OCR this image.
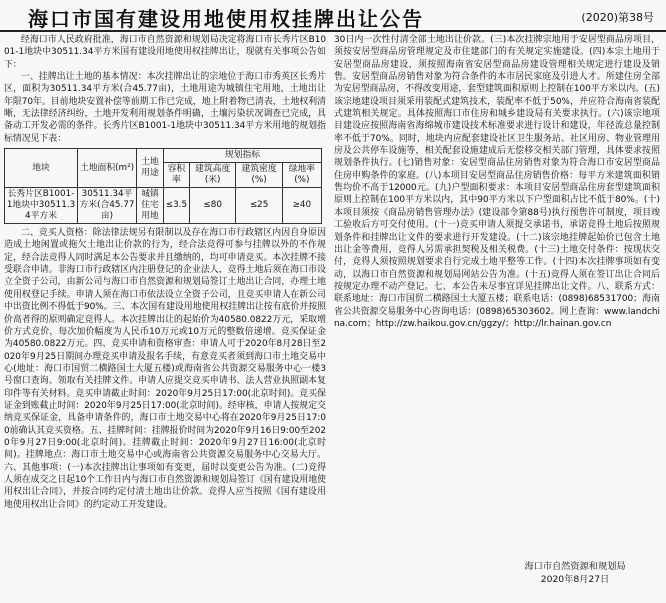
海口市国有建设用地使用权挂牌出让公告	(2020)第38号

经海口市人民政府批准，海口市自然资源和规划局决定将海口市长秀片区B1001-1地块中30511.34平方米国有建设用地使用权挂牌出让，现就有关事项公告如下：

一、挂牌出让土地的基本情况：本次挂牌出让的宗地位于海口市秀英区长秀片区，面积为30511.34平方米(合45.77亩)，土地用途为城镇住宅用地，土地出让年限70年。目前地块安置补偿等前期工作已完成，地上附着物已清表，土地权利清晰，无法律经济纠纷，土地开发利用规划条件明确，土壤污染状况调查已完成，具备动工开发必需的条件。长秀片区B1001-1地块中30511.34平方米用地的规划指标情况见下表：

地块	土地面积(m²)	土地用途	规划指标			
			容积率	建筑高度(米)	建筑密度(%)	绿地率(%)
长秀片区B1001-1地块中30511.34平方米	30511.34平方米(合45.77亩)	城镇住宅用地	≤3.5	≤80	≤25	≥40

二、竞买人资格：除法律法规另有限制以及存在海口市行政辖区内因自身原因造成土地闲置或拖欠土地出让价款的行为，经合法竞得可参与挂牌以外的不作规定，经合法竞得人同时满足本公告要求并且缴纳的，均可申请竞买。本次挂牌不接受联合申请。非海口市行政辖区内注册登记的企业法人，竞得土地后须在海口市设立全资子公司，由新公司与海口市自然资源和规划局签订土地出让合同，办理土地使用权登记手续。申请人须在海口市依法设立全资子公司，且竞买申请人在新公司中出资比例不得低于90%。三、本次国有建设用地使用权挂牌出让按有底价并按照价高者得的原则确定竞得人。本次挂牌出让的起始价为40580.0822万元，采取增价方式竞价，每次加价幅度为人民币10万元或10万元的整数倍递增。竞买保证金为40580.0822万元。四、竞买申请和资格审查：申请人可于2020年8月28日至2020年9月25日期间办理竞买申请及报名手续，有意竞买者须到海口市土地交易中心(地址：海口市国贸二横路国土大厦五楼)或海南省公共资源交易服务中心一楼3号窗口查询、领取有关挂牌文件。申请人应提交竞买申请书、法人营业执照副本复印件等有关材料。竞买申请截止时间：2020年9月25日17:00(北京时间)。竞买保证金到账截止时间：2020年9月25日17:00(北京时间)。经审核，申请人按规定交纳竞买保证金，具备申请条件的，海口市土地交易中心将在2020年9月25日17:00前确认其竞买资格。五、挂牌时间：挂牌报价时间为2020年9月16日9:00至2020年9月27日9:00(北京时间)。挂牌截止时间：2020年9月27日16:00(北京时间)。挂牌地点：海口市土地交易中心或海南省公共资源交易服务中心交易大厅。六、其他事项：(一)本次挂牌出让事项如有变更，届时以变更公告为准。(二)竞得人须在成交之日起10个工作日内与海口市自然资源和规划局签订《国有建设用地使用权出让合同》，并按合同约定付清土地出让价款。竞得人应当按照《国有建设用地使用权出让合同》的约定动工开发建设。

30日内一次性付清全部土地出让价款。(三)本次挂牌宗地用于安居型商品房项目，须按安居型商品房管理规定及市住建部门的有关规定实施建设。(四)本宗土地用于安居型商品房建设，须按照海南省安居型商品房建设管理相关规定进行建设及销售。安居型商品房销售对象为符合条件的本市居民家庭及引进人才。所建住房全部为安居型商品房，不得改变用途，套型建筑面积原则上控制在100平方米以内。(五)该宗地建设项目须采用装配式建筑技术，装配率不低于50%，并应符合海南省装配式建筑相关规定。具体按照海口市住房和城乡建设局有关要求执行。(六)该宗地项目建设应按照海南省海绵城市建设技术标准要求进行设计和建设，年径流总量控制率不低于70%。同时，地块内应配套建设社区卫生服务站、社区用房、物业管理用房及公共停车设施等，相关配套设施建成后无偿移交相关部门管理，具体要求按照规划条件执行。(七)销售对象：安居型商品住房销售对象为符合海口市安居型商品住房申购条件的家庭。(八)本项目安居型商品住房销售价格：每平方米建筑面积销售均价不高于12000元。(九)户型面积要求：本项目安居型商品住房套型建筑面积原则上控制在100平方米以内，其中90平方米以下户型面积占比不低于80%。(十)本项目须按《商品房销售管理办法》(建设部令第88号)执行预售许可制度，项目竣工验收后方可交付使用。(十一)竞买申请人须提交承诺书，承诺竞得土地后按照规划条件和挂牌出让文件的要求进行开发建设。(十二)该宗地挂牌起始价已包含土地出让金等费用，竞得人另需承担契税及相关税费。(十三)土地交付条件：按现状交付，竞得人须按照规划要求自行完成土地平整等工作。(十四)本次挂牌事项如有变动，以海口市自然资源和规划局网站公告为准。(十五)竞得人须在签订出让合同后按规定办理不动产登记。七、本公告未尽事宜详见挂牌出让文件。八、联系方式：联系地址：海口市国贸二横路国土大厦五楼；联系电话：(0898)68531700；海南省公共资源交易服务中心咨询电话：(0898)65303602。网上查询：www.landchina.com；http://zw.haikou.gov.cn/ggzy/；http://lr.hainan.gov.cn

海口市自然资源和规划局
2020年8月27日
